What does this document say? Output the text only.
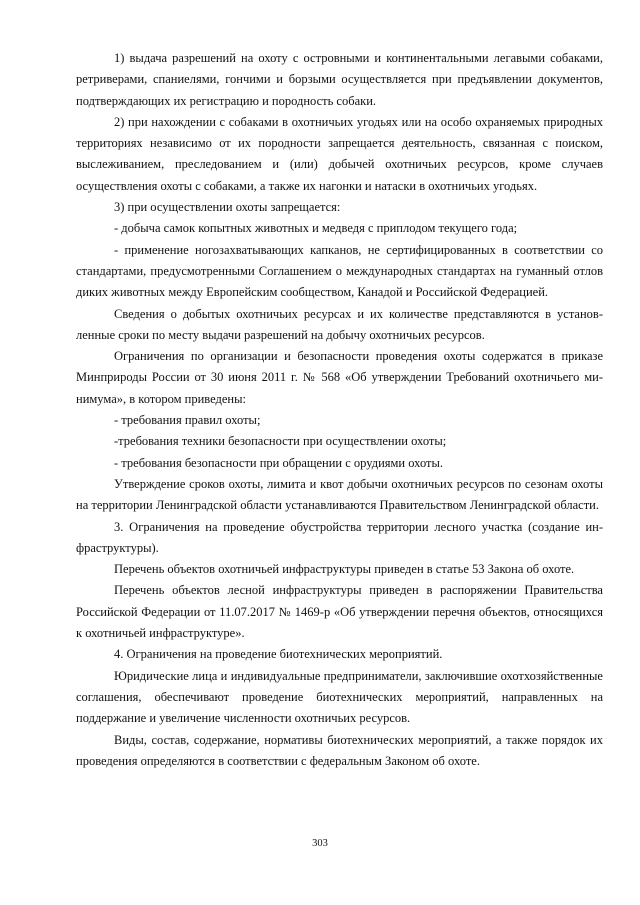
1) выдача разрешений на охоту с островными и континентальными легавыми собаками, ретриверами, спаниелями, гончими и борзыми осуществляется при предъявлении документов, подтверждающих их регистрацию и породность собаки.

2) при нахождении с собаками в охотничьих угодьях или на особо охраняемых природных территориях независимо от их породности запрещается деятельность, связанная с поиском, выслеживанием, преследованием и (или) добычей охотничьих ресурсов, кроме случаев осуществления охоты с собаками, а также их нагонки и натаски в охотничьих угодьях.

3) при осуществлении охоты запрещается:

- добыча самок копытных животных и медведя с приплодом текущего года;

- применение ногозахватывающих капканов, не сертифицированных в соответствии со стандартами, предусмотренными Соглашением о международных стандартах на гуманный отлов диких животных между Европейским сообществом, Канадой и Российской Федерацией.

Сведения о добытых охотничьих ресурсах и их количестве представляются в установленные сроки по месту выдачи разрешений на добычу охотничьих ресурсов.

Ограничения по организации и безопасности проведения охоты содержатся в приказе Минприроды России от 30 июня 2011 г. № 568 «Об утверждении Требований охотничьего минимума», в котором приведены:

- требования правил охоты;

-требования техники безопасности при осуществлении охоты;

- требования безопасности при обращении с орудиями охоты.

Утверждение сроков охоты, лимита и квот добычи охотничьих ресурсов по сезонам охоты на территории Ленинградской области устанавливаются Правительством Ленинградской области.

3. Ограничения на проведение обустройства территории лесного участка (создание инфраструктуры).

Перечень объектов охотничьей инфраструктуры приведен в статье 53 Закона об охоте.

Перечень объектов лесной инфраструктуры приведен в распоряжении Правительства Российской Федерации от 11.07.2017 № 1469-р «Об утверждении перечня объектов, относящихся к охотничьей инфраструктуре».

4. Ограничения на проведение биотехнических мероприятий.

Юридические лица и индивидуальные предприниматели, заключившие охотхозяйственные соглашения, обеспечивают проведение биотехнических мероприятий, направленных на поддержание и увеличение численности охотничьих ресурсов.

Виды, состав, содержание, нормативы биотехнических мероприятий, а также порядок их проведения определяются в соответствии с федеральным Законом об охоте.

303
